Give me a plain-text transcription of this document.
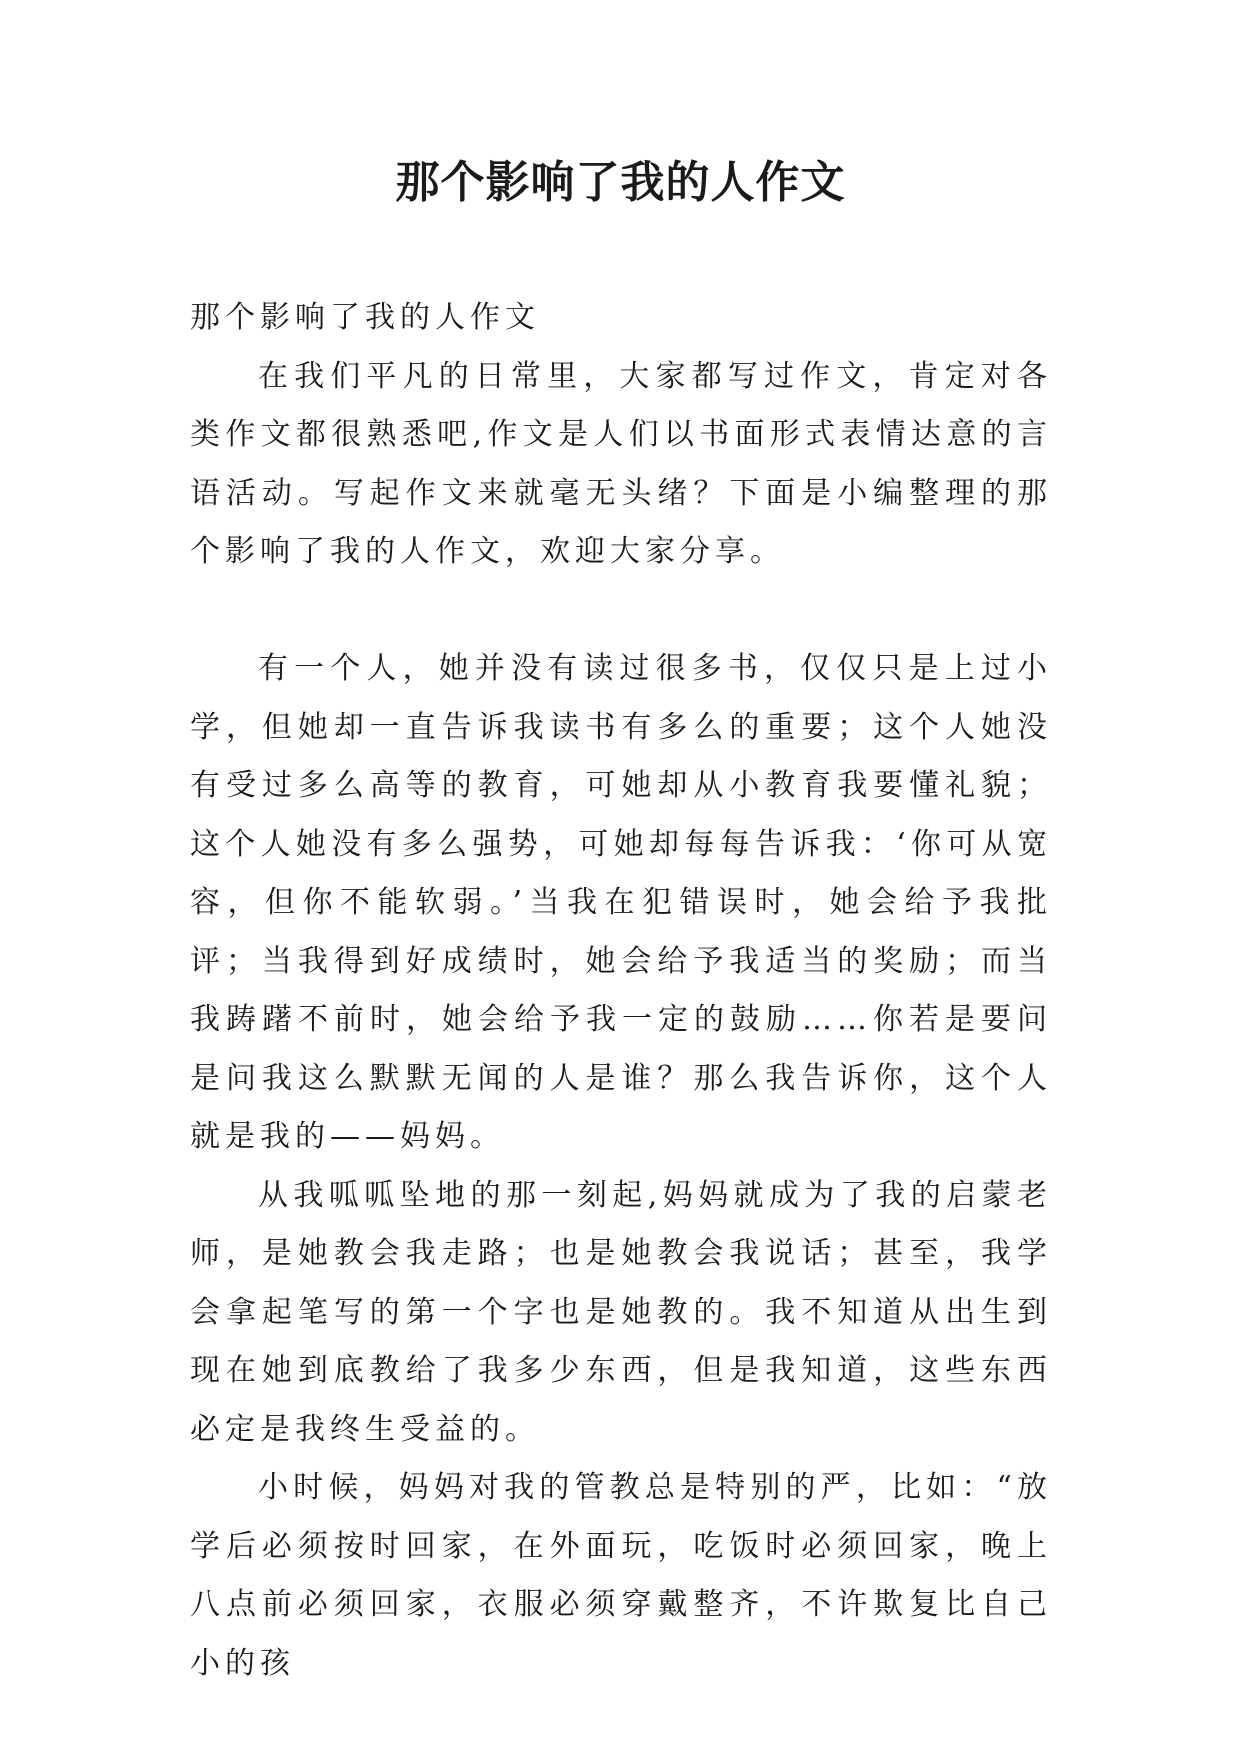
那个影响了我的人作文

那个影响了我的人作文

在我们平凡的日常里，大家都写过作文，肯定对各类作文都很熟悉吧,作文是人们以书面形式表情达意的言语活动。写起作文来就毫无头绪？下面是小编整理的那个影响了我的人作文，欢迎大家分享。

有一个人，她并没有读过很多书，仅仅只是上过小学，但她却一直告诉我读书有多么的重要；这个人她没有受过多么高等的教育，可她却从小教育我要懂礼貌；这个人她没有多么强势，可她却每每告诉我：‘你可从宽容，但你不能软弱。’当我在犯错误时，她会给予我批评；当我得到好成绩时，她会给予我适当的奖励；而当我踌躇不前时，她会给予我一定的鼓励……你若是要问是问我这么默默无闻的人是谁？那么我告诉你，这个人就是我的——妈妈。

从我呱呱坠地的那一刻起,妈妈就成为了我的启蒙老师，是她教会我走路；也是她教会我说话；甚至，我学会拿起笔写的第一个字也是她教的。我不知道从出生到现在她到底教给了我多少东西，但是我知道，这些东西必定是我终生受益的。

小时候，妈妈对我的管教总是特别的严，比如：“放学后必须按时回家，在外面玩，吃饭时必须回家，晚上八点前必须回家，衣服必须穿戴整齐，不许欺复比自己小的孩
